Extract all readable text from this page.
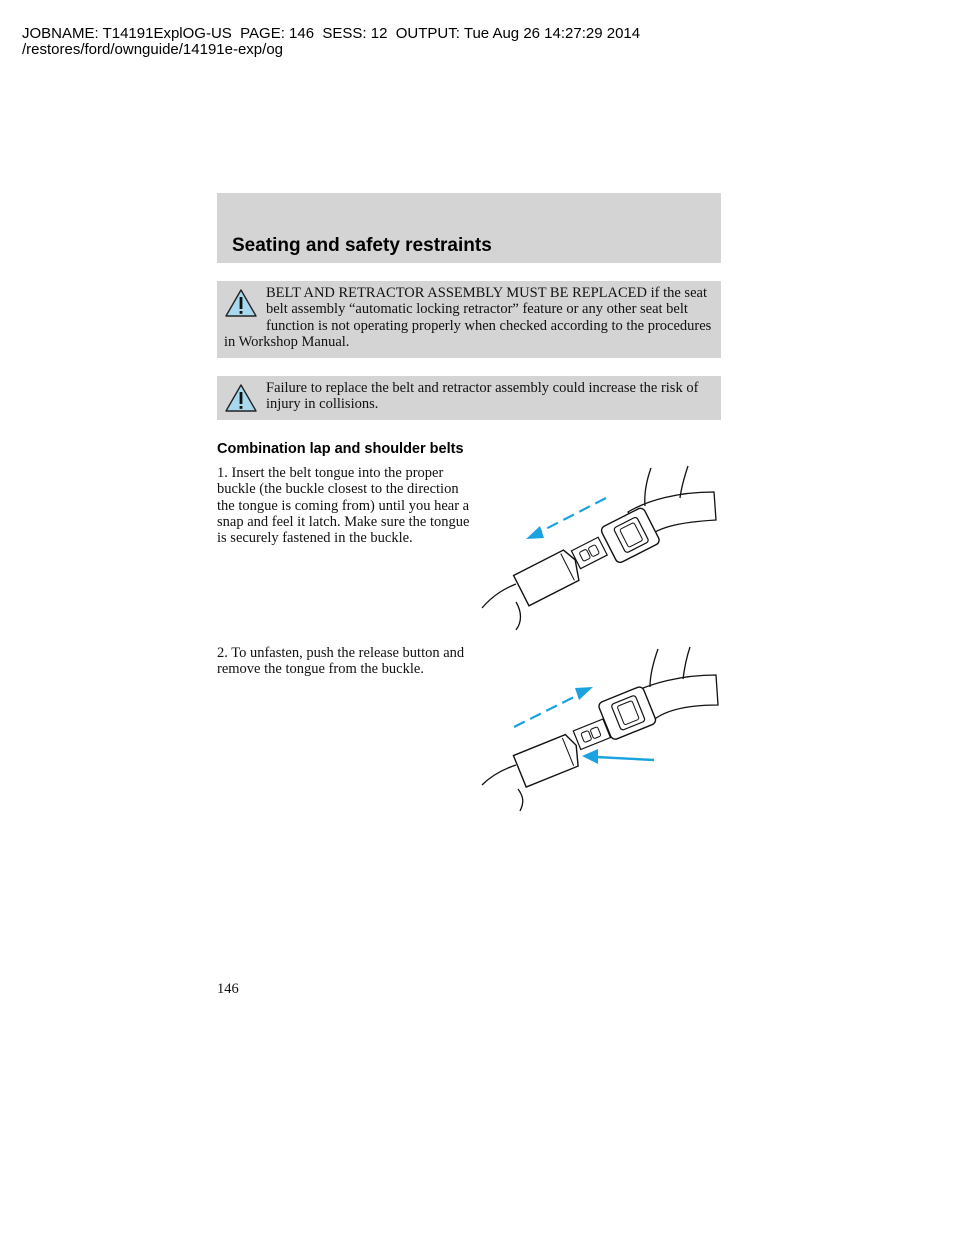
JOBNAME: T14191ExplOG-US  PAGE: 146  SESS: 12  OUTPUT: Tue Aug 26 14:27:29 2014
/restores/ford/ownguide/14191e-exp/og
Seating and safety restraints
BELT AND RETRACTOR ASSEMBLY MUST BE REPLACED if the seat belt assembly “automatic locking retractor” feature or any other seat belt function is not operating properly when checked according to the procedures in Workshop Manual.
Failure to replace the belt and retractor assembly could increase the risk of injury in collisions.
Combination lap and shoulder belts
1. Insert the belt tongue into the proper buckle (the buckle closest to the direction the tongue is coming from) until you hear a snap and feel it latch. Make sure the tongue is securely fastened in the buckle.
2. To unfasten, push the release button and remove the tongue from the buckle.
146
